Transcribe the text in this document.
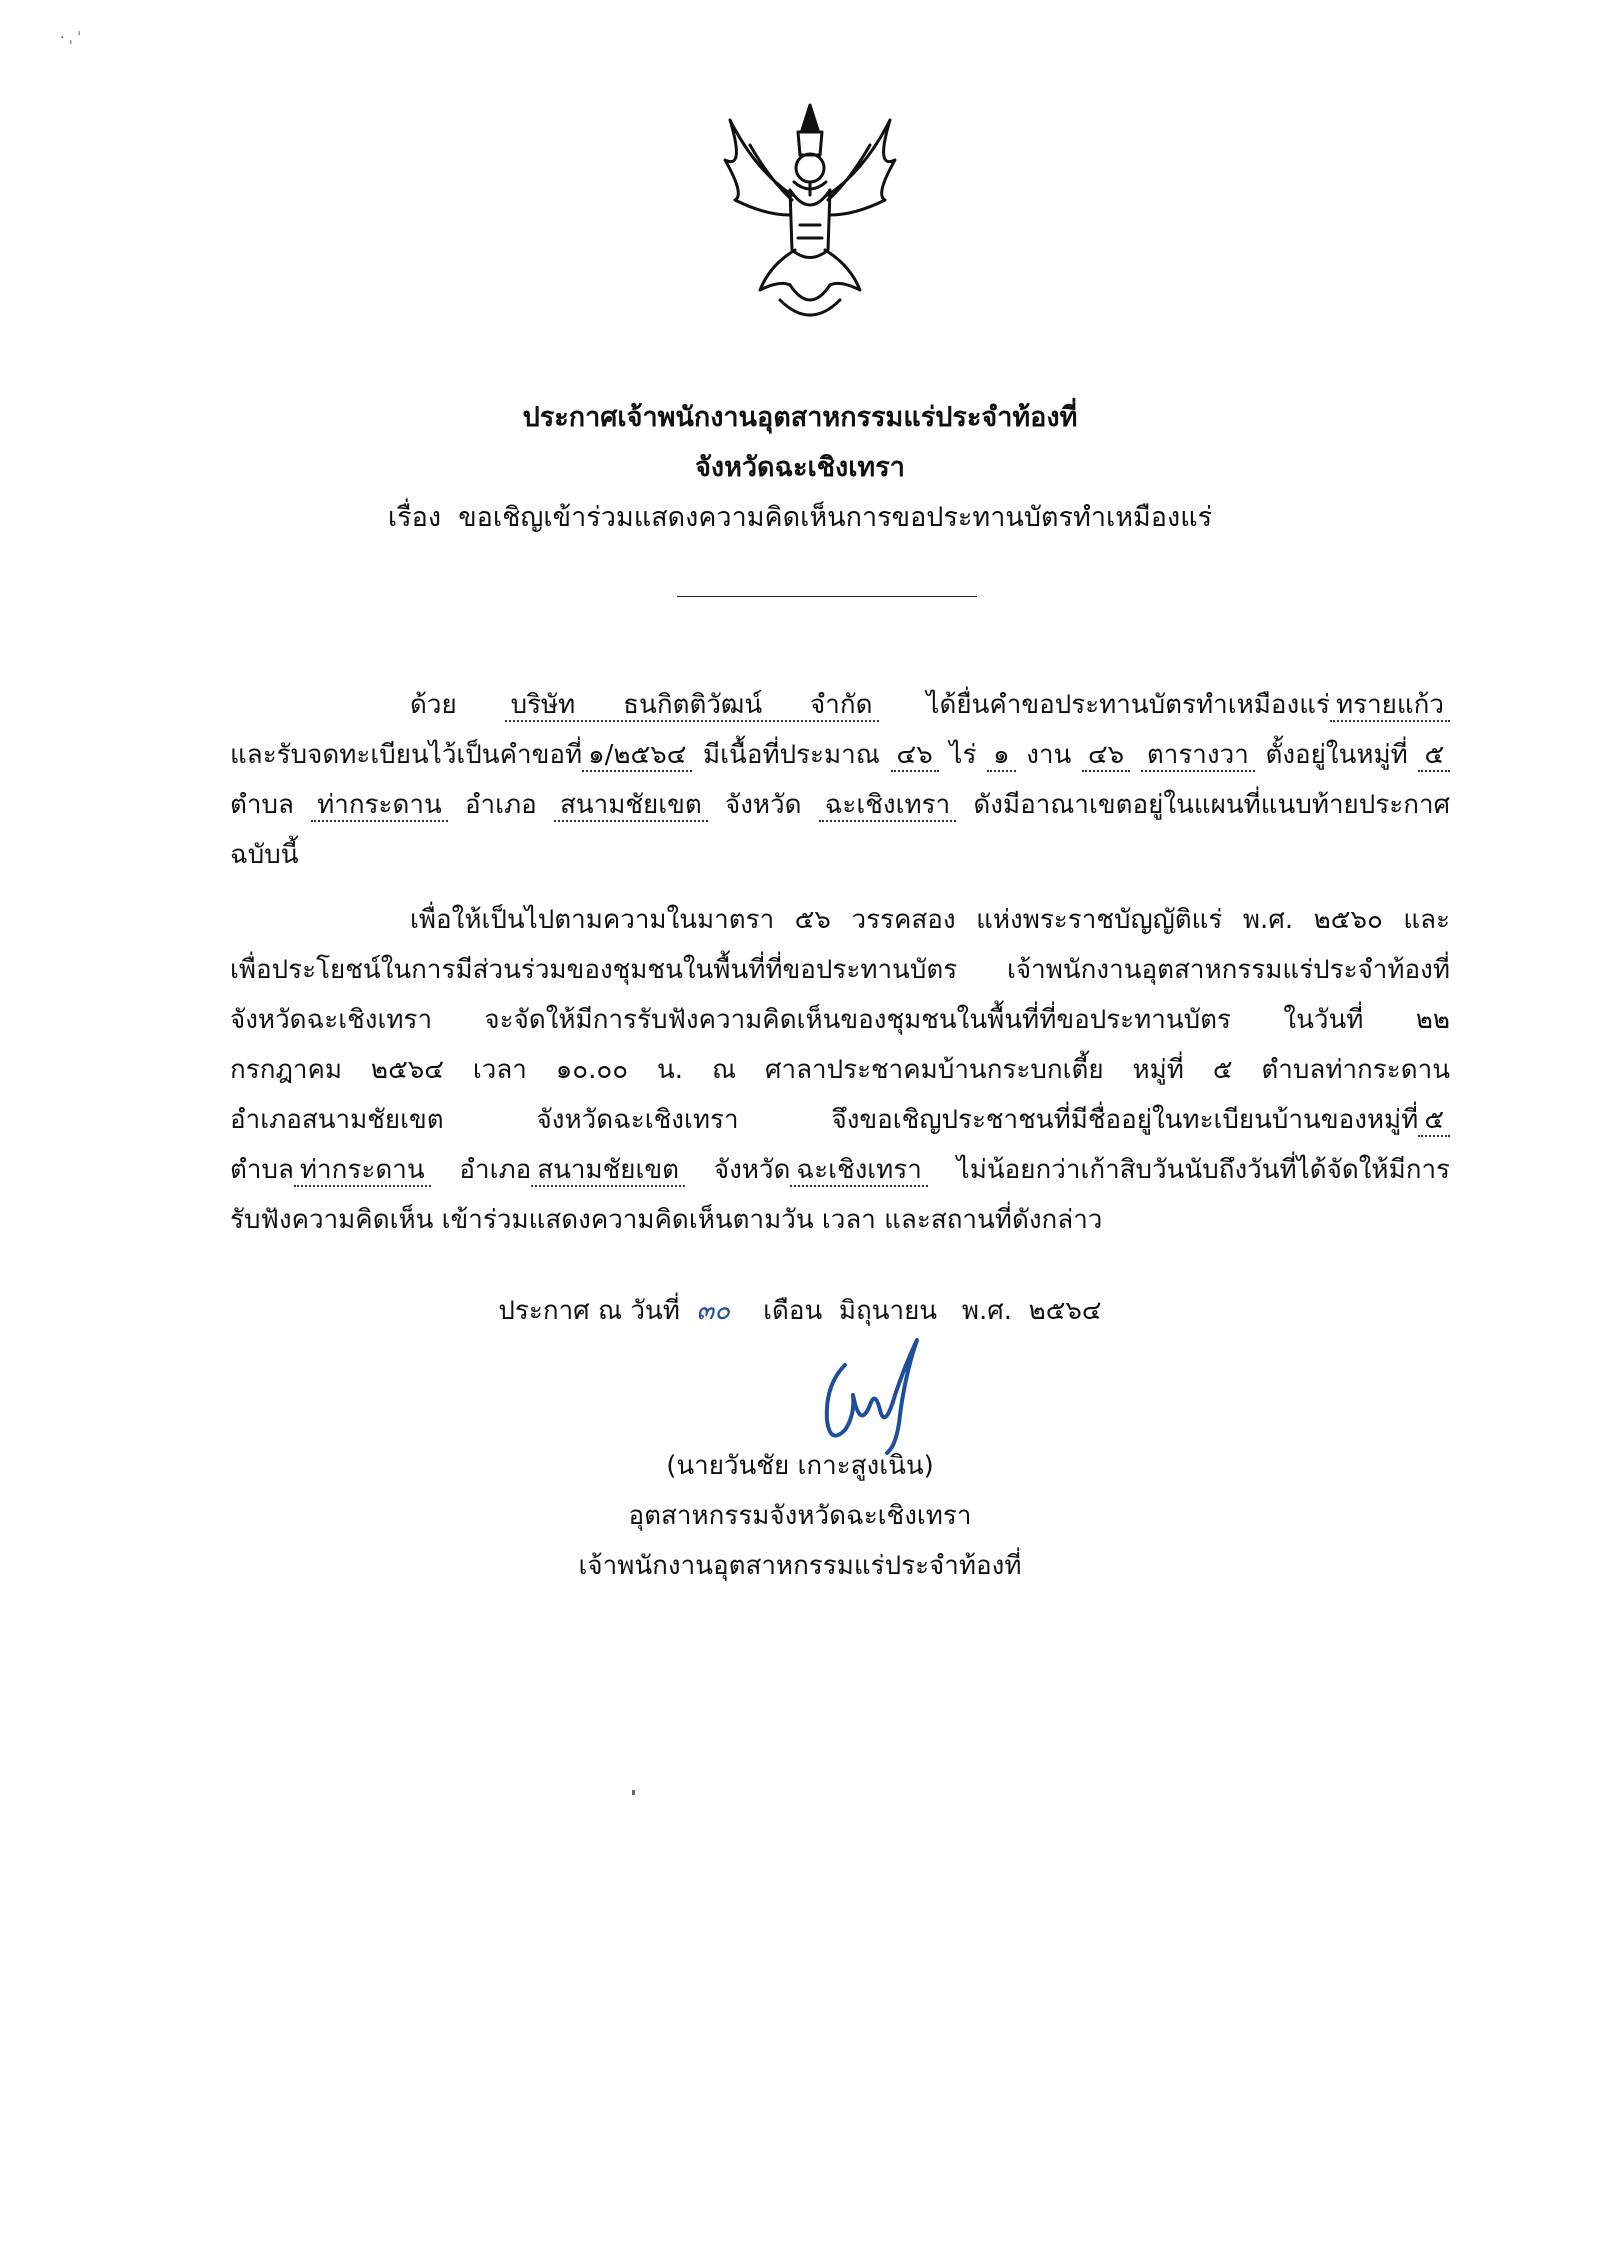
· ˌ ˈ
ประกาศเจ้าพนักงานอุตสาหกรรมแร่ประจำท้องที่
จังหวัดฉะเชิงเทรา
เรื่อง ขอเชิญเข้าร่วมแสดงความคิดเห็นการขอประทานบัตรทำเหมืองแร่
ด้วย บริษัท ธนกิตติวัฒน์ จำกัด ได้ยื่นคำขอประทานบัตรทำเหมืองแร่ ทรายแก้ว
และรับจดทะเบียนไว้เป็นคำขอที่ ๑/๒๕๖๔ มีเนื้อที่ประมาณ ๔๖ ไร่ ๑ งาน ๔๖ ตารางวา ตั้งอยู่ในหมู่ที่ ๕
ตำบล ท่ากระดาน อำเภอ สนามชัยเขต จังหวัด ฉะเชิงเทรา ดังมีอาณาเขตอยู่ในแผนที่แนบท้ายประกาศ
ฉบับนี้
เพื่อให้เป็นไปตามความในมาตรา ๕๖ วรรคสอง แห่งพระราชบัญญัติแร่ พ.ศ. ๒๕๖๐ และ
เพื่อประโยชน์ในการมีส่วนร่วมของชุมชนในพื้นที่ที่ขอประทานบัตร เจ้าพนักงานอุตสาหกรรมแร่ประจำท้องที่
จังหวัดฉะเชิงเทรา จะจัดให้มีการรับฟังความคิดเห็นของชุมชนในพื้นที่ที่ขอประทานบัตร ในวันที่ ๒๒
กรกฎาคม ๒๕๖๔ เวลา ๑๐.๐๐ น. ณ ศาลาประชาคมบ้านกระบกเตี้ย หมู่ที่ ๕ ตำบลท่ากระดาน
อำเภอสนามชัยเขต จังหวัดฉะเชิงเทรา จึงขอเชิญประชาชนที่มีชื่ออยู่ในทะเบียนบ้านของหมู่ที่ ๕
ตำบล ท่ากระดาน อำเภอ สนามชัยเขต จังหวัด ฉะเชิงเทรา ไม่น้อยกว่าเก้าสิบวันนับถึงวันที่ได้จัดให้มีการ
รับฟังความคิดเห็น เข้าร่วมแสดงความคิดเห็นตามวัน เวลา และสถานที่ดังกล่าว
ประกาศ ณ วันที่ ๓๐ เดือน มิถุนายน พ.ศ. ๒๕๖๔
(นายวันชัย เกาะสูงเนิน)
อุตสาหกรรมจังหวัดฉะเชิงเทรา
เจ้าพนักงานอุตสาหกรรมแร่ประจำท้องที่
